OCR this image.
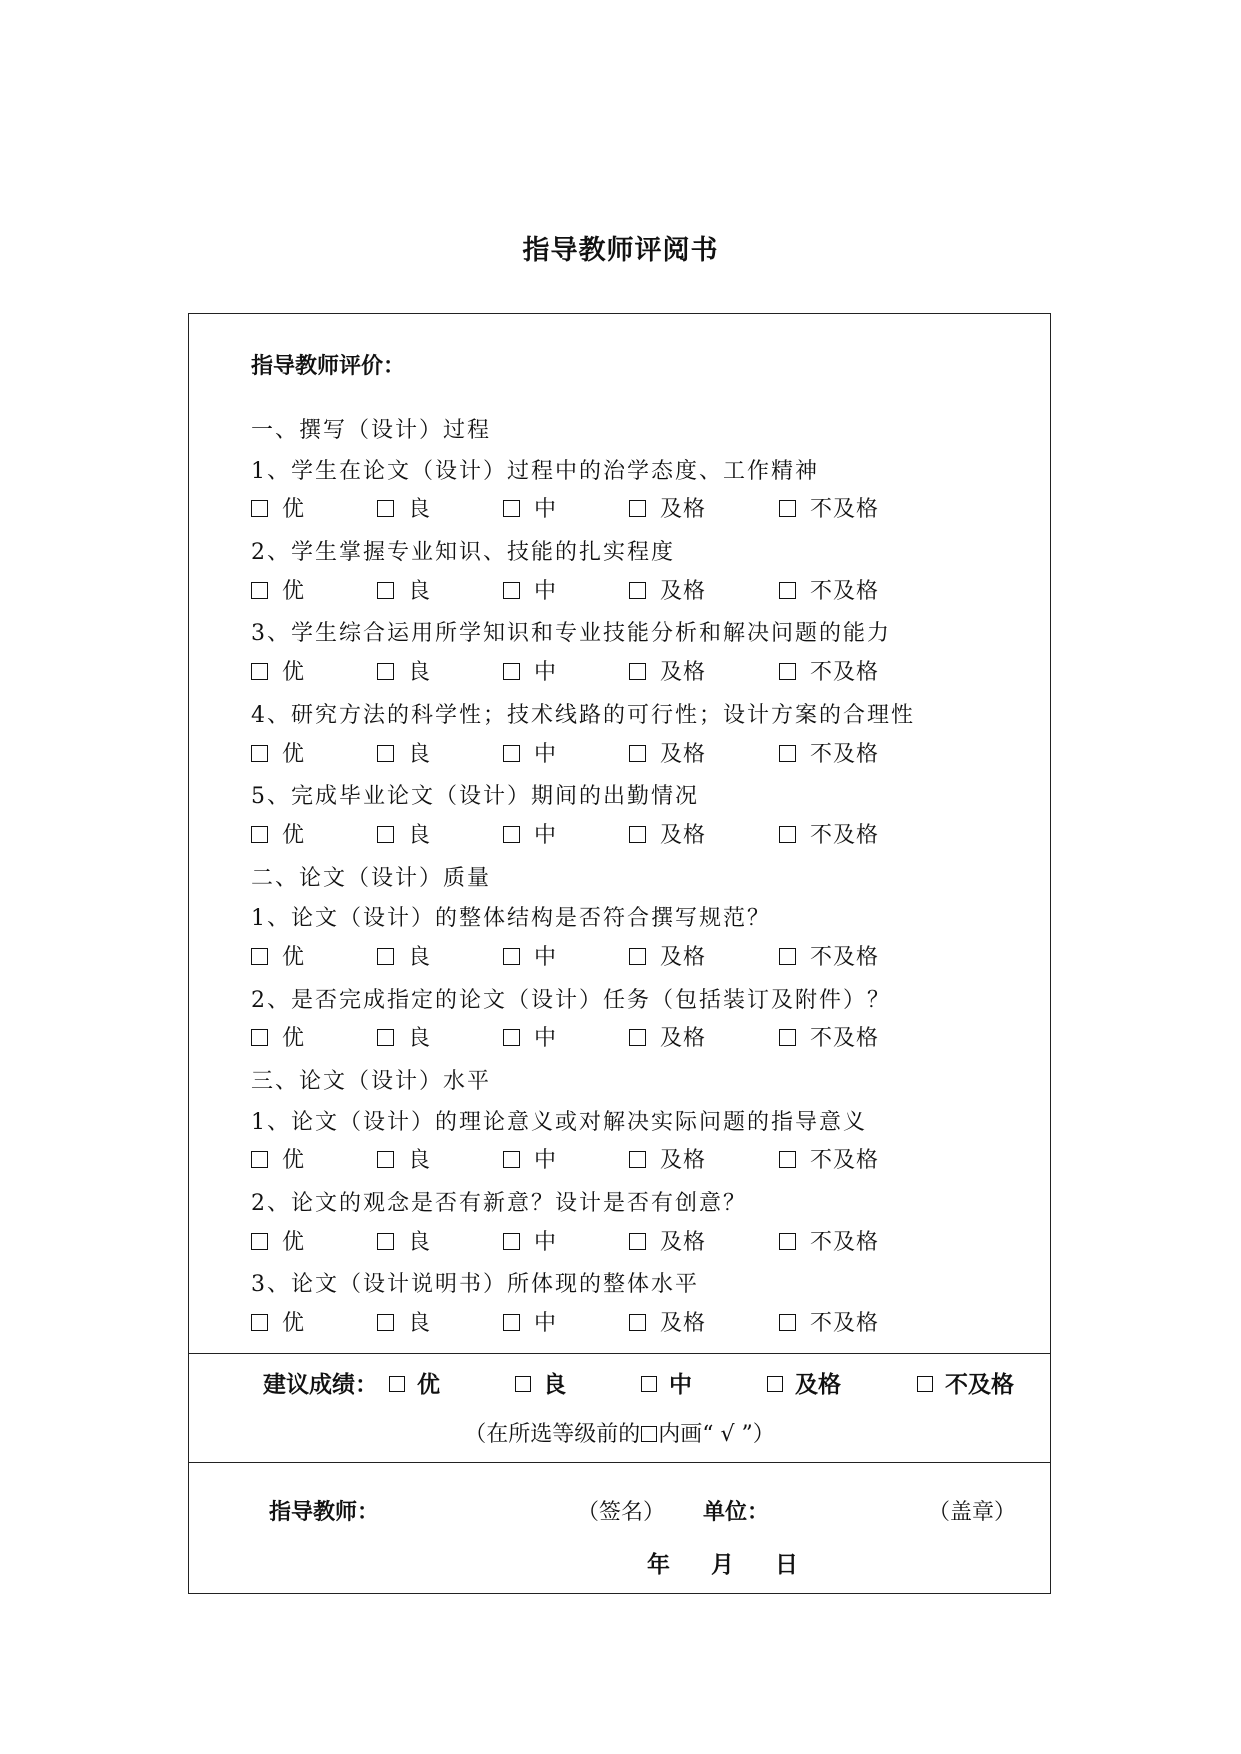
指导教师评阅书
指导教师评价：
一、撰写（设计）过程
1、学生在论文（设计）过程中的治学态度、工作精神
优	良	中	及格	不及格
2、学生掌握专业知识、技能的扎实程度
优	良	中	及格	不及格
3、学生综合运用所学知识和专业技能分析和解决问题的能力
优	良	中	及格	不及格
4、研究方法的科学性；技术线路的可行性；设计方案的合理性
优	良	中	及格	不及格
5、完成毕业论文（设计）期间的出勤情况
优	良	中	及格	不及格
二、论文（设计）质量
1、论文（设计）的整体结构是否符合撰写规范？
优	良	中	及格	不及格
2、是否完成指定的论文（设计）任务（包括装订及附件）？
优	良	中	及格	不及格
三、论文（设计）水平
1、论文（设计）的理论意义或对解决实际问题的指导意义
优	良	中	及格	不及格
2、论文的观念是否有新意？设计是否有创意？
优	良	中	及格	不及格
3、论文（设计说明书）所体现的整体水平
优	良	中	及格	不及格
建议成绩：	优	良	中	及格	不及格
（在所选等级前的 内画“ √ ”）
指导教师：	（签名） 单位：	（盖章）
年 月 日
